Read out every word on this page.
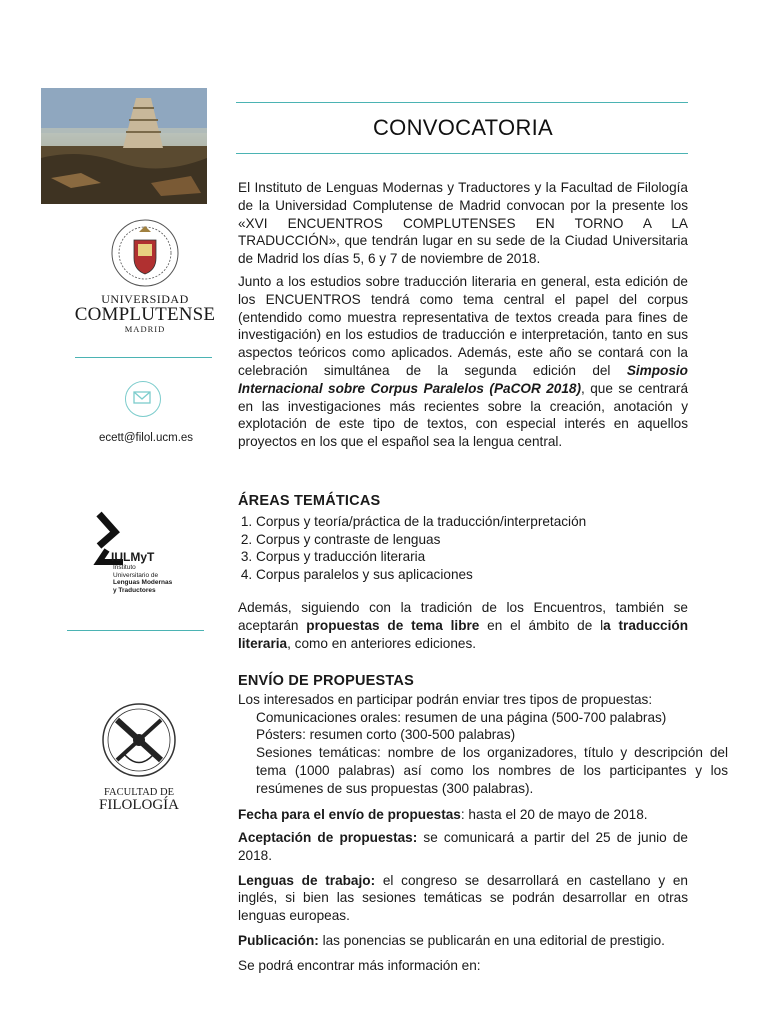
UNIVERSIDAD
COMPLUTENSE
MADRID
ecett@filol.ucm.es
IULMyT
Instituto
Universitario de
Lenguas Modernas
y Traductores
FACULTAD DE
FILOLOGÍA
CONVOCATORIA

El Instituto de Lenguas Modernas y Traductores y la Facultad de Filología de la Universidad Complutense de Madrid convocan por la presente los «XVI ENCUENTROS COMPLUTENSES EN TORNO A LA TRADUCCIÓN», que tendrán lugar en su sede de la Ciudad Universitaria de Madrid los días 5, 6 y 7 de noviembre de 2018.

Junto a los estudios sobre traducción literaria en general, esta edición de los ENCUENTROS tendrá como tema central el papel del corpus (entendido como muestra representativa de textos creada para fines de investigación) en los estudios de traducción e interpretación, tanto en sus aspectos teóricos como aplicados. Además, este año se contará con la celebración simultánea de la segunda edición del Simposio Internacional sobre Corpus Paralelos (PaCOR 2018), que se centrará en las investigaciones más recientes sobre la creación, anotación y explotación de este tipo de textos, con especial interés en aquellos proyectos en los que el español sea la lengua central.

ÁREAS TEMÁTICAS
1. Corpus y teoría/práctica de la traducción/interpretación
2. Corpus y contraste de lenguas
3. Corpus y traducción literaria
4. Corpus paralelos y sus aplicaciones

Además, siguiendo con la tradición de los Encuentros, también se aceptarán propuestas de tema libre en el ámbito de la traducción literaria, como en anteriores ediciones.

ENVÍO DE PROPUESTAS
Los interesados en participar podrán enviar tres tipos de propuestas:
Comunicaciones orales: resumen de una página (500-700 palabras)
Pósters: resumen corto (300-500 palabras)

Sesiones temáticas: nombre de los organizadores, título y descripción del tema (1000 palabras) así como los nombres de los participantes y los resúmenes de sus propuestas (300 palabras).

Fecha para el envío de propuestas: hasta el 20 de mayo de 2018.

Aceptación de propuestas: se comunicará a partir del 25 de junio de 2018.

Lenguas de trabajo: el congreso se desarrollará en castellano y en inglés, si bien las sesiones temáticas se podrán desarrollar en otras lenguas europeas.

Publicación: las ponencias se publicarán en una editorial de prestigio.

Se podrá encontrar más información en:
